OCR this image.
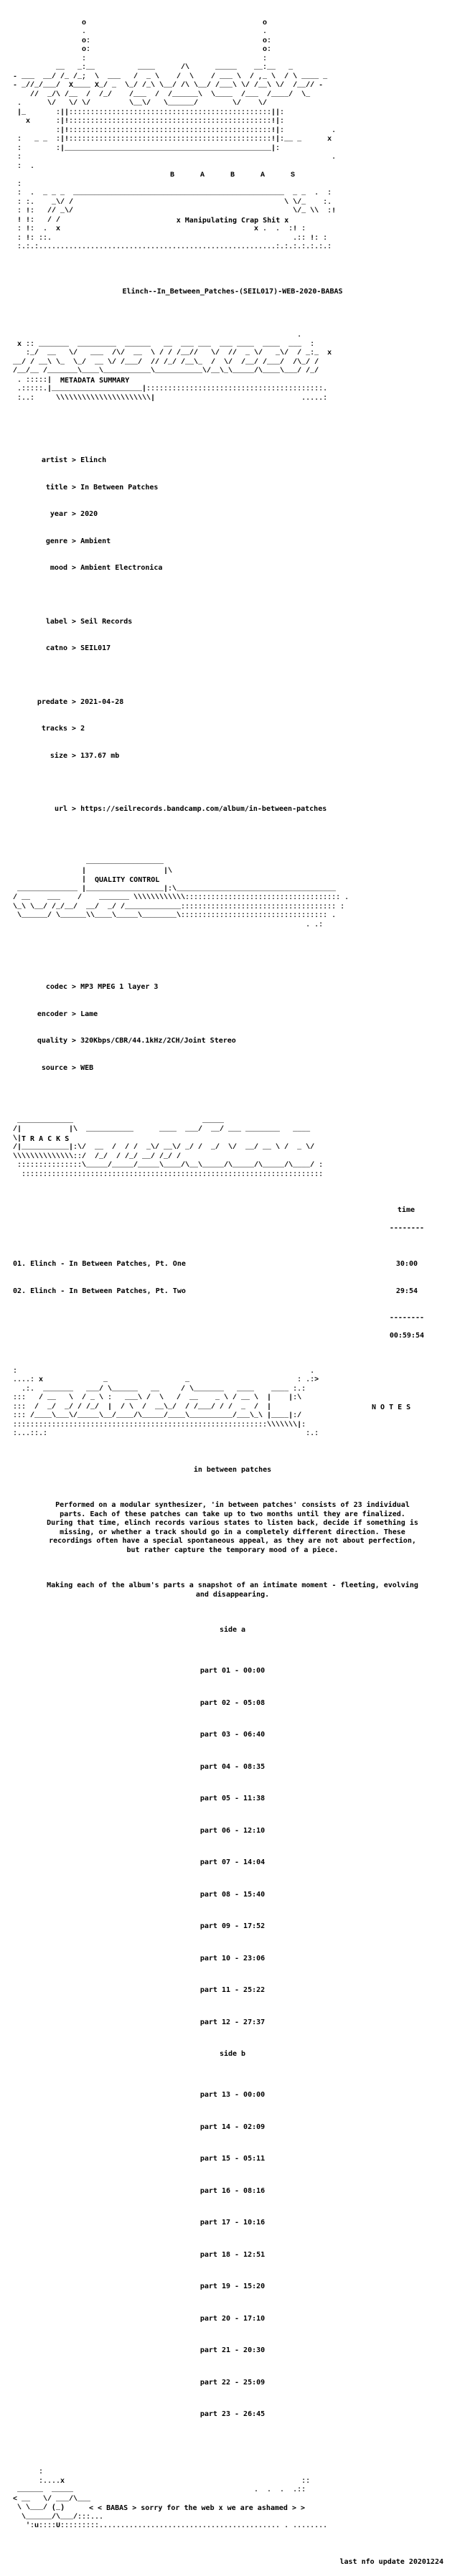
o                                         o
.                                         .
o:                                        o:
o:                                        o:
:                                         :
__   _:__          ____      /\      _____    __:__   _
- ___  __/ /_ /_;  \  ___   /  _ \    /  \    / ___ \  / ,_ \  / \ ____ _
- _//_/___/  X____ X_/ _  \_/ /_\ \__/ /\ \__/ /___\ \/ /__\ \/  /__// -
//  _/\ /__  /  /_/    /___  /  /______\  \____  /___  /____/  \_
.      \/   \/ \/         \__\/   \______/        \/    \/
|_       :||:::::::::::::::::::::::::::::::::::::::::::::::||:
x      :|!:::::::::::::::::::::::::::::::::::::::::::::::!|:
:|!:::::::::::::::::::::::::::::::::::::::::::::::!|:           .
:   _ _  :|!:::::::::::::::::::::::::::::::::::::::::::::::!|:__ _      x
:        :|________________________________________________|:
:                                                                        .
:  .
B      A      B      A      S
:
:  .  _ _ _  _________________________________________________  _ _  .  :
: :.    _\/ /                                                 \ \/_    :.
: !:   // _\/                                                   \/_ \\  :!
! !:   / /	x Manipulating Crap Shit x
: !:  .  x                                             x .  .  :! :
: !: ::.                                                        .:: !: :
:.:.:.......................................................:.:.:.:.:.:.:

Elinch--In_Between_Patches-(SEIL017)-WEB-2020-BABAS

.
x :: _______  _________  ______   __  ___ ___  ___ ____  ____  ___  :
:_/  __   \/   ___  /\/  __  \ / / /__//   \/  //  _ \/   _\/  / _:_  x
__/ / __\ \_  \_/  __ \/ /___/  // /_/ /__\_  /  \/  /__/ /___/  /\_/ /
/__/__ /_______\____\___________\___________\/__\_\_____/\____\___/ /_/
. :::::|	METADATA SUMMARY
.:::::.|_____________________|:::::::::::::::::::::::::::::::::::::::::.
:..:     \\\\\\\\\\\\\\\\\\\\\\|                                  .....:

artist > Elinch

title > In Between Patches

year > 2020

genre > Ambient

mood > Ambient Electronica

label > Seil Records

catno > SEIL017

predate > 2021-04-28

tracks > 2

size > 137.67 mb

url > https://seilrecords.bandcamp.com/album/in-between-patches

__________________
|                  |\
|	QUALITY CONTROL
______________ |__________________|:\_____________________________________
/ __    ___    /    _______ \\\\\\\\\\\\:::::::::::::::::::::::::::::::::::: .
\_\ \__/ /_/__/  __/  _/ /_____________:::::::::::::::::::::::::::::::::::: :
\______/ \______\\____\_____\________\:::::::::::::::::::::::::::::::::: .
. .:

codec > MP3 MPEG 1 layer 3

encoder > Lame

quality > 320Kbps/CBR/44.1kHz/2CH/Joint Stereo

source > WEB

_____________                              _____
/|           |\  ___________      ____  ___/  __/ ___ ________   ____
\| T R A C K S
/|___________|:\/  __  /  / /  _\/ __\/ _/ /  _/  \/  __/ __ \ /  _ \/
\\\\\\\\\\\\\\::/  /_/  / /_/ __/ /_/ /
:::::::::::::::\_____/_____/_____\____/\__\_____/\_____/\_____/\____/ :
::::::::::::::::::::::::::::::::::::::::::::::::::::::::::::::::::::::

time

--------

01. Elinch - In Between Patches, Pt. One	30:00

02. Elinch - In Between Patches, Pt. Two	29:54

--------

00:59:54

:                                                                    .
....: x              _                  _                         : .:>
.:.  _______   ___/ \______   __     / \_______   ____    ____ :.:
:::   / __   \  / _ \ :   ___\ /  \   /  __    _ \ / __ \  |    |:\
:::  /  _/  _/ / /_/  |  / \  /  __\_/  / /___/ / /  _  /  |	N O T E S
::: /____\___\/_____\__/____/\_____/____\__________/___\_\ |____|:/
:::::::::::::::::::::::::::::::::::::::::::::::::::::::::::\\\\\\\|:
:...::.:                                                            :.:

in between patches

Performed on a modular synthesizer, 'in between patches' consists of 23 individual parts. Each of these patches can take up to two months until they are finalized. During that time, elinch records various states to listen back, decide if something is missing, or whether a track should go in a completely different direction. These recordings often have a special spontaneous appeal, as they are not about perfection, but rather capture the temporary mood of a piece.

Making each of the album's parts a snapshot of an intimate moment - fleeting, evolving and disappearing.

side a

part 01 - 00:00

part 02 - 05:08

part 03 - 06:40

part 04 - 08:35

part 05 - 11:38

part 06 - 12:10

part 07 - 14:04

part 08 - 15:40

part 09 - 17:52

part 10 - 23:06

part 11 - 25:22

part 12 - 27:37

side b

part 13 - 00:00

part 14 - 02:09

part 15 - 05:11

part 16 - 08:16

part 17 - 10:16

part 18 - 12:51

part 19 - 15:20

part 20 - 17:10

part 21 - 20:30

part 22 - 25:09

part 23 - 26:45

:
:....x                                                       ::
______  _____                                          .  .  .  .::
< __   \/ ___/\___
\ \___/ (_)	< < BABAS > sorry for the web x we are ashamed > >
\______/\___/:::...
':u::::U:::::::::.......................................... . ........

last nfo update 20201224
